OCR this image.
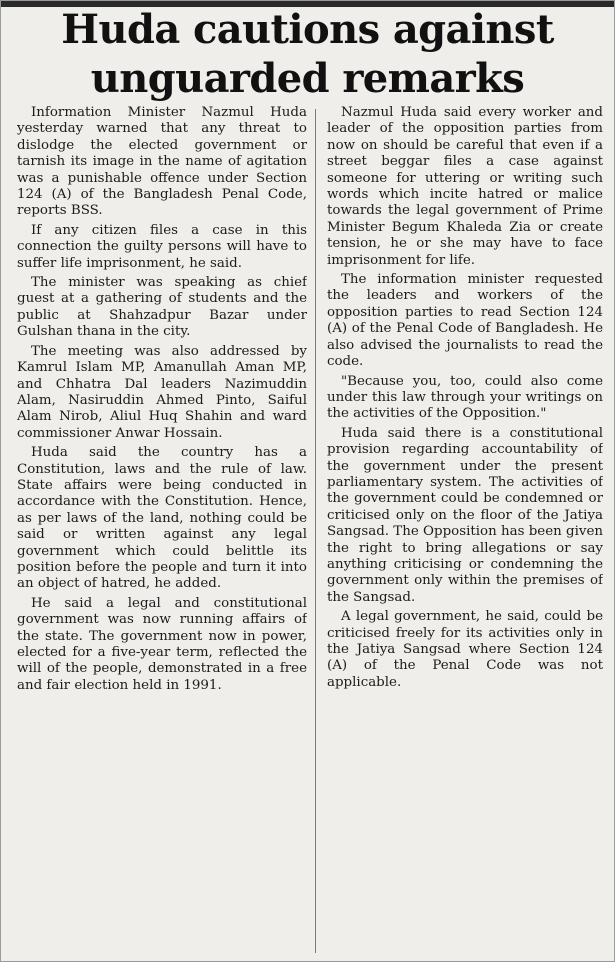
Huda cautions against
unguarded remarks

Information Minister Nazmul Huda yesterday warned that any threat to dislodge the elected government or tarnish its image in the name of agitation was a punishable offence under Section 124 (A) of the Bangladesh Penal Code, reports BSS.

If any citizen files a case in this connection the guilty persons will have to suffer life imprisonment, he said.

The minister was speaking as chief guest at a gathering of students and the public at Shahzadpur Bazar under Gulshan thana in the city.

The meeting was also addressed by Kamrul Islam MP, Amanullah Aman MP, and Chhatra Dal leaders Nazimuddin Alam, Nasiruddin Ahmed Pinto, Saiful Alam Nirob, Aliul Huq Shahin and ward commissioner Anwar Hossain.

Huda said the country has a Constitution, laws and the rule of law. State affairs were being conducted in accordance with the Constitution. Hence, as per laws of the land, nothing could be said or written against any legal government which could belittle its position before the people and turn it into an object of hatred, he added.

He said a legal and constitutional government was now running affairs of the state. The government now in power, elected for a five-year term, reflected the will of the people, demonstrated in a free and fair election held in 1991.

Nazmul Huda said every worker and leader of the opposition parties from now on should be careful that even if a street beggar files a case against someone for uttering or writing such words which incite hatred or malice towards the legal government of Prime Minister Begum Khaleda Zia or create tension, he or she may have to face imprisonment for life.

The information minister requested the leaders and workers of the opposition parties to read Section 124 (A) of the Penal Code of Bangladesh. He also advised the journalists to read the code.

"Because you, too, could also come under this law through your writings on the activities of the Opposition."

Huda said there is a constitutional provision regarding accountability of the government under the present parliamentary system. The activities of the government could be condemned or criticised only on the floor of the Jatiya Sangsad. The Opposition has been given the right to bring allegations or say anything criticising or condemning the government only within the premises of the Sangsad.

A legal government, he said, could be criticised freely for its activities only in the Jatiya Sangsad where Section 124 (A) of the Penal Code was not applicable.
